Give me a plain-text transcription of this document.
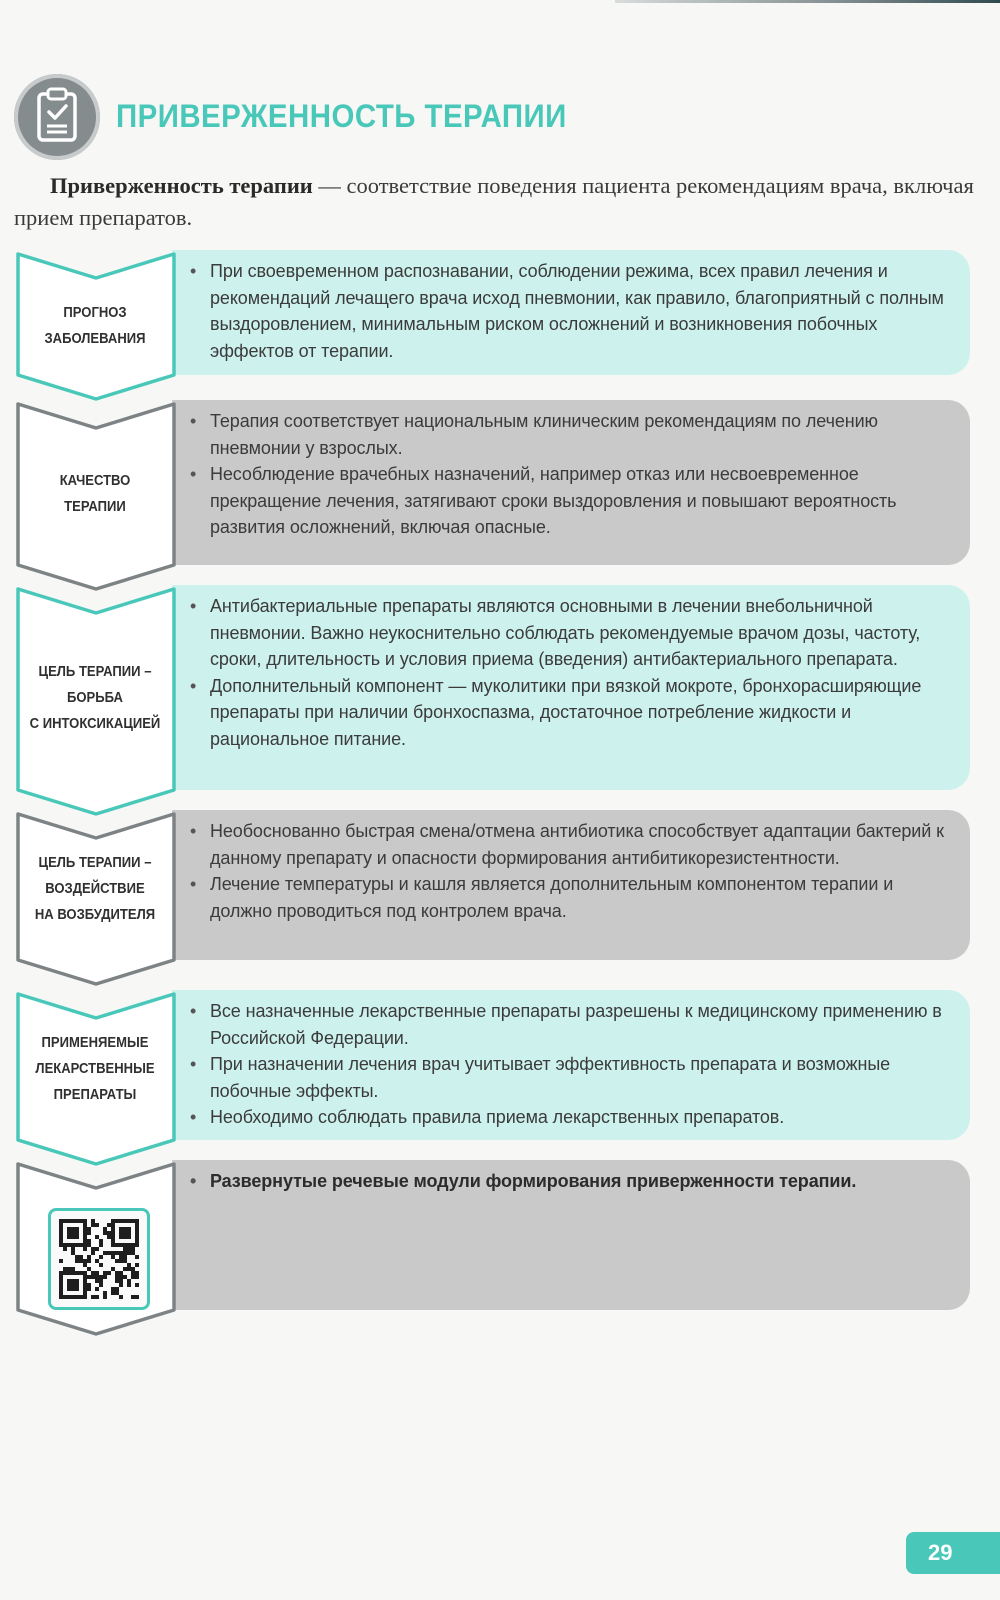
ПРИВЕРЖЕННОСТЬ ТЕРАПИИ

Приверженность терапии — соответствие поведения пациента рекомендациям врача, включая прием препаратов.

ПРОГНОЗ
ЗАБОЛЕВАНИЯ

• При своевременном распознавании, соблюдении режима, всех правил лечения и рекомендаций лечащего врача исход пневмонии, как правило, благоприятный с полным выздоровлением, минимальным риском осложнений и возникновения побочных эффектов от терапии.

КАЧЕСТВО
ТЕРАПИИ

• Терапия соответствует национальным клиническим рекомендациям по лечению пневмонии у взрослых.
• Несоблюдение врачебных назначений, например отказ или несвоевременное прекращение лечения, затягивают сроки выздоровления и повышают вероятность развития осложнений, включая опасные.

ЦЕЛЬ ТЕРАПИИ –
БОРЬБА
С ИНТОКСИКАЦИЕЙ

• Антибактериальные препараты являются основными в лечении внебольничной пневмонии. Важно неукоснительно соблюдать рекомендуемые врачом дозы, частоту, сроки, длительность и условия приема (введения) антибактериального препарата.
• Дополнительный компонент — муколитики при вязкой мокроте, бронхорасширяющие препараты при наличии бронхоспазма, достаточное потребление жидкости и рациональное питание.

ЦЕЛЬ ТЕРАПИИ –
ВОЗДЕЙСТВИЕ
НА ВОЗБУДИТЕЛЯ

• Необоснованно быстрая смена/отмена антибиотика способствует адаптации бактерий к данному препарату и опасности формирования антибитикорезистентности.
• Лечение температуры и кашля является дополнительным компонентом терапии и должно проводиться под контролем врача.

ПРИМЕНЯЕМЫЕ
ЛЕКАРСТВЕННЫЕ
ПРЕПАРАТЫ

• Все назначенные лекарственные препараты разрешены к медицинскому применению в Российской Федерации.
• При назначении лечения врач учитывает эффективность препарата и возможные побочные эффекты.
• Необходимо соблюдать правила приема лекарственных препаратов.
• Развернутые речевые модули формирования приверженности терапии.
29
